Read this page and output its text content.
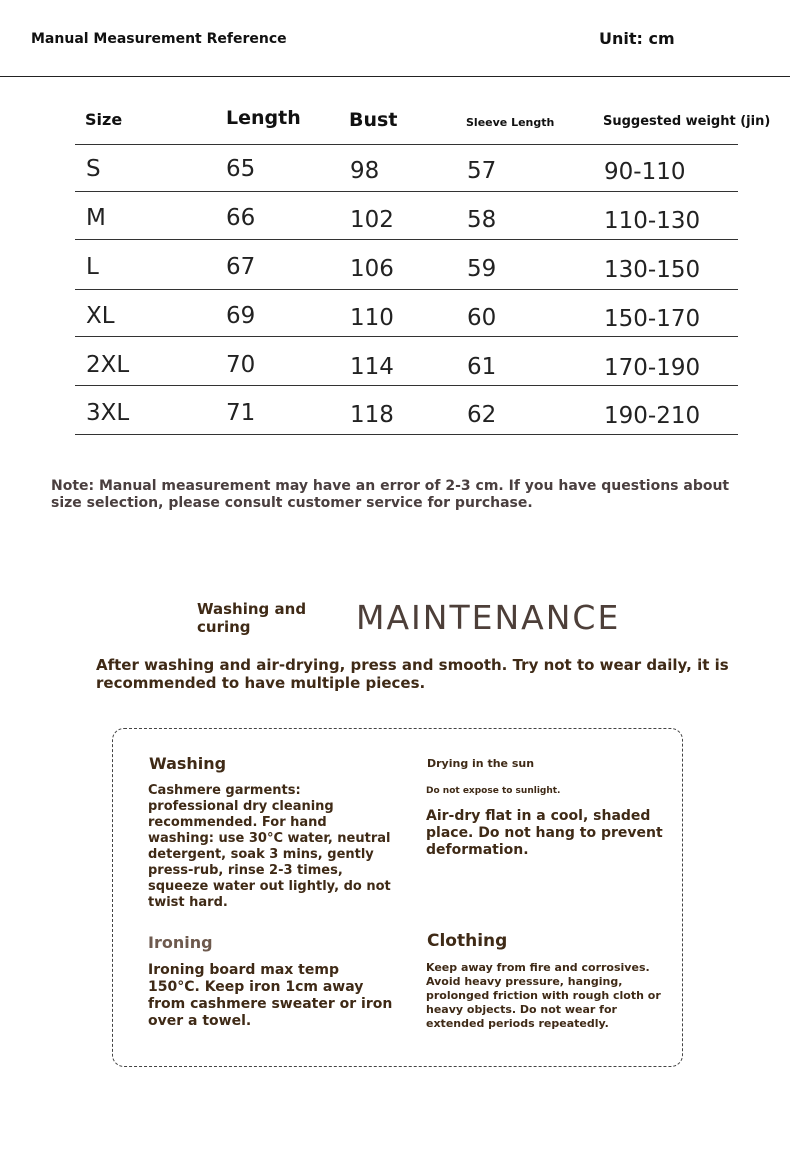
Manual Measurement Reference	Unit: cm
Size	Length	Bust	Sleeve Length	Suggested weight (jin)
S	65	98	57	90-110
M	66	102	58	110-130
L	67	106	59	130-150
XL	69	110	60	150-170
2XL	70	114	61	170-190
3XL	71	118	62	190-210
Note: Manual measurement may have an error of 2-3 cm. If you have questions about size selection, please consult customer service for purchase.
Washing and curing	MAINTENANCE
After washing and air-drying, press and smooth. Try not to wear daily, it is recommended to have multiple pieces.
Washing
Cashmere garments: professional dry cleaning recommended. For hand washing: use 30°C water, neutral detergent, soak 3 mins, gently press-rub, rinse 2-3 times, squeeze water out lightly, do not twist hard.
Drying in the sun
Do not expose to sunlight.
Air-dry flat in a cool, shaded place. Do not hang to prevent deformation.
Ironing
Ironing board max temp 150°C. Keep iron 1cm away from cashmere sweater or iron over a towel.
Clothing
Keep away from fire and corrosives. Avoid heavy pressure, hanging, prolonged friction with rough cloth or heavy objects. Do not wear for extended periods repeatedly.
